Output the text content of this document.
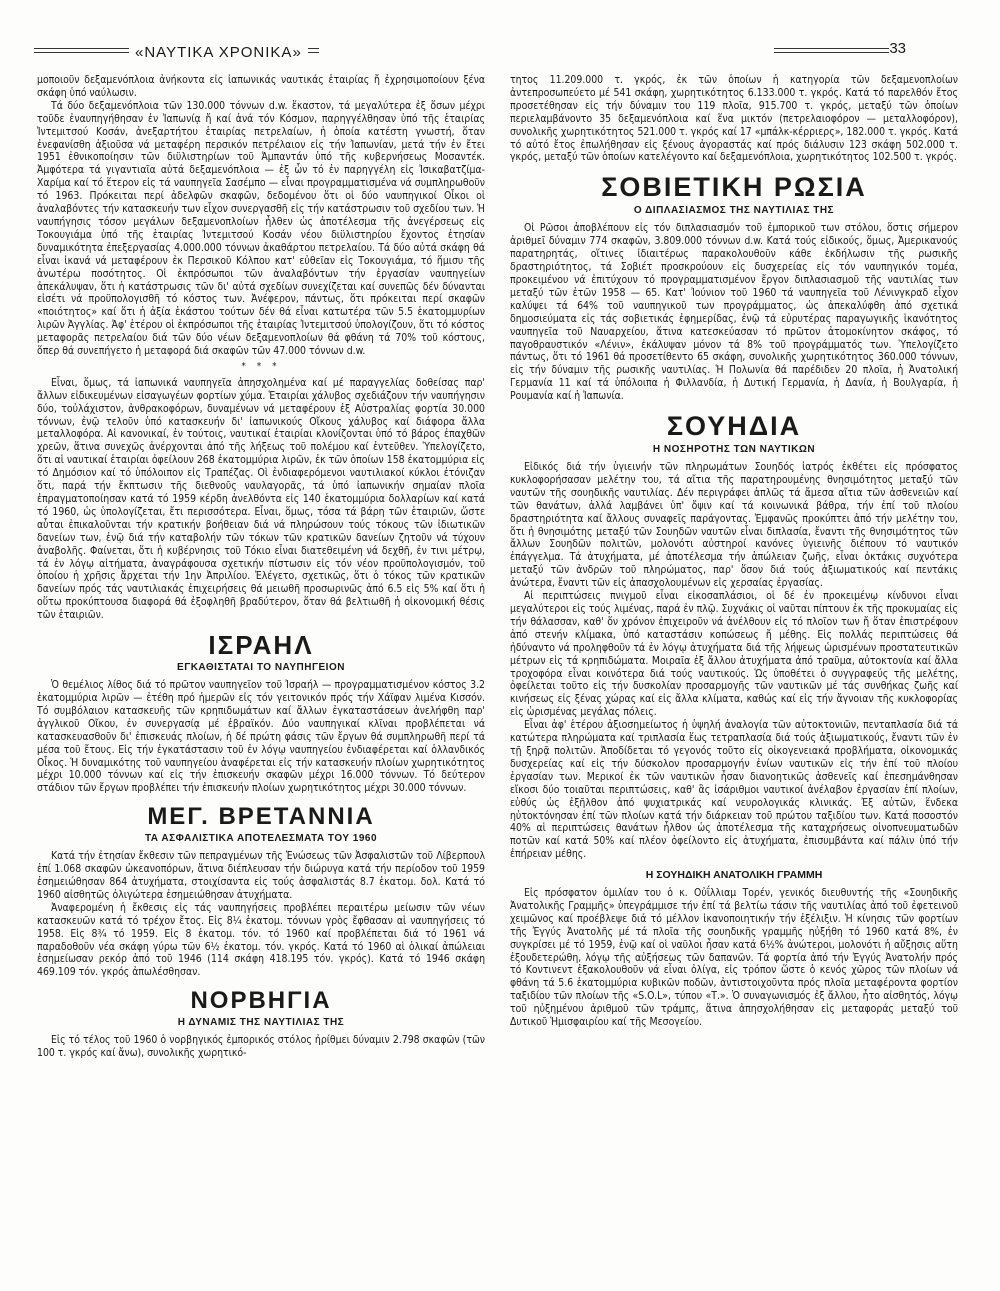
«ΝΑΥΤΙΚΑ ΧΡΟΝΙΚΑ»	33

μοποιοῦν δεξαμενόπλοια ἀνήκοντα εἰς ἰαπωνικάς ναυτικάς ἑταιρίας ἤ ἐχρησιμοποίουν ξένα σκάφη ὑπό ναύλωσιν.

Τά δύο δεξαμενόπλοια τῶν 130.000 τόννων d.w. ἕκαστον, τά μεγαλύτερα ἐξ ὅσων μέχρι τοῦδε ἐναυπηγήθησαν ἐν Ἰαπωνίᾳ ἤ καί ἀνά τόν Κόσμον, παρηγγέλθησαν ὑπό τῆς ἑταιρίας Ἰντεμιτσού Κοσάν, ἀνεξαρτήτου ἑταιρίας πετρελαίων, ἡ ὁποία κατέστη γνωστή, ὅταν ἐνεφανίσθη ἀξιοῦσα νά μεταφέρη περσικόν πετρέλαιον εἰς τήν Ἰαπωνίαν, μετά τήν ἐν ἔτει 1951 ἐθνικοποίησιν τῶν διϋλιστηρίων τοῦ Ἀμπαντάν ὑπό τῆς κυβερνήσεως Μοσαντέκ. Ἀμφότερα τά γιγαντιαῖα αὐτά δεξαμενόπλοια — ἐξ ὧν τό ἐν παρηγγέλη εἰς Ἰσικαβατζίμα-Χαρίμα καί τό ἕτερον εἰς τά ναυπηγεῖα Σασέμπο — εἶναι προγραμματισμένα νά συμπληρωθοῦν τό 1963. Πρόκειται περί ἀδελφῶν σκαφῶν, δεδομένου ὅτι οἱ δύο ναυπηγικοί Οἶκοι οἱ ἀναλαβόντες τήν κατασκευήν των εἶχον συνεργασθῆ εἰς τήν κατάστρωσιν τοῦ σχεδίου των. Ἡ ναυπήγησις τόσον μεγάλων δεξαμενοπλοίων ἦλθεν ὡς ἀποτέλεσμα τῆς ἀνεγέρσεως εἰς Τοκουγιάμα ὑπό τῆς ἑταιρίας Ἰντεμιτσού Κοσάν νέου διϋλιστηρίου ἔχοντος ἐτησίαν δυναμικότητα ἐπεξεργασίας 4.000.000 τόννων ἀκαθάρτου πετρελαίου. Τά δύο αὐτά σκάφη θά εἶναι ἱκανά νά μεταφέρουν ἐκ Περσικοῦ Κόλπου κατ' εὐθεῖαν εἰς Τοκουγιάμα, τό ἥμισυ τῆς ἀνωτέρω ποσότητος. Οἱ ἐκπρόσωποι τῶν ἀναλαβόντων τήν ἐργασίαν ναυπηγείων ἀπεκάλυψαν, ὅτι ἡ κατάστρωσις τῶν δι' αὐτά σχεδίων συνεχίζεται καί συνεπῶς δέν δύνανται εἰσέτι νά προϋπολογισθῆ τό κόστος των. Ἀνέφερον, πάντως, ὅτι πρόκειται περί σκαφῶν «ποιότητος» καί ὅτι ἡ ἀξία ἑκάστου τούτων δέν θά εἶναι κατωτέρα τῶν 5.5 ἑκατομμυρίων λιρῶν Ἀγγλίας. Ἀφ' ἑτέρου οἱ ἐκπρόσωποι τῆς ἑταιρίας Ἰντεμιτσού ὑπολογίζουν, ὅτι τό κόστος μεταφορᾶς πετρελαίου διά τῶν δύο νέων δεξαμενοπλοίων θά φθάνη τά 70% τοῦ κόστους, ὅπερ θά συνεπήγετο ἡ μεταφορά διά σκαφῶν τῶν 47.000 τόννων d.w.

* * *

Εἶναι, ὅμως, τά ἰαπωνικά ναυπηγεῖα ἀπησχολημένα καί μέ παραγγελίας δοθείσας παρ' ἄλλων εἰδικευμένων εἰσαγωγέων φορτίων χύμα. Ἑταιρίαι χάλυβος σχεδιάζουν τήν ναυπήγησιν δύο, τοὐλάχιστον, ἀνθρακοφόρων, δυναμένων νά μεταφέρουν ἐξ Αὐστραλίας φορτία 30.000 τόννων, ἐνῷ τελοῦν ὑπό κατασκευήν δι' ἰαπωνικούς Οἴκους χάλυβος καί διάφορα ἄλλα μεταλλοφόρα. Αἱ κανονικαί, ἐν τούτοις, ναυτικαί ἑταιρίαι κλονίζονται ὑπό τό βάρος ἐπαχθῶν χρεῶν, ἅτινα συνεχῶς ἀνέρχονται ἀπό τῆς λήξεως τοῦ πολέμου καί ἐντεῦθεν. Ὑπελογίζετο, ὅτι αἱ ναυτικαί ἑταιρίαι ὀφείλουν 268 ἑκατομμύρια λιρῶν, ἐκ τῶν ὁποίων 158 ἑκατομμύρια εἰς τό Δημόσιον καί τό ὑπόλοιπον εἰς Τραπέζας. Οἱ ἐνδιαφερόμενοι ναυτιλιακοί κύκλοι ἐτόνιζαν ὅτι, παρά τήν ἔκπτωσιν τῆς διεθνοῦς ναυλαγορᾶς, τά ὑπό ἰαπωνικήν σημαίαν πλοῖα ἐπραγματοποίησαν κατά τό 1959 κέρδη ἀνελθόντα εἰς 140 ἑκατομμύρια δολλαρίων καί κατά τό 1960, ὡς ὑπολογίζεται, ἔτι περισσότερα. Εἶναι, ὅμως, τόσα τά βάρη τῶν ἑταιριῶν, ὥστε αὗται ἐπικαλοῦνται τήν κρατικήν βοήθειαν διά νά πληρώσουν τούς τόκους τῶν ἰδιωτικῶν δανείων των, ἐνῷ διά τήν καταβολήν τῶν τόκων τῶν κρατικῶν δανείων ζητοῦν νά τύχουν ἀναβολῆς. Φαίνεται, ὅτι ἡ κυβέρνησις τοῦ Τόκιο εἶναι διατεθειμένη νά δεχθῆ, ἐν τινι μέτρῳ, τά ἐν λόγῳ αἰτήματα, ἀναγράφουσα σχετικήν πίστωσιν εἰς τόν νέον προϋπολογισμόν, τοῦ ὁποίου ἡ χρῆσις ἄρχεται τήν 1ην Ἀπριλίου. Ἐλέγετο, σχετικῶς, ὅτι ὁ τόκος τῶν κρατικῶν δανείων πρός τάς ναυτιλιακάς ἐπιχειρήσεις θά μειωθῆ προσωρινῶς ἀπό 6.5 εἰς 5% καί ὅτι ἡ οὕτω προκύπτουσα διαφορά θά ἐξοφληθῆ βραδύτερον, ὅταν θά βελτιωθῆ ἡ οἰκονομική θέσις τῶν ἑταιριῶν.

ΙΣΡΑΗΛ
ΕΓΚΑΘΙΣΤΑΤΑΙ ΤΟ ΝΑΥΠΗΓΕΙΟΝ

Ὁ θεμέλιος λίθος διά τό πρῶτον ναυπηγεῖον τοῦ Ἰσραήλ — προγραμματισμένον κόστος 3.2 ἑκατομμύρια λιρῶν — ἐτέθη πρό ἡμερῶν εἰς τόν γειτονικόν πρός τήν Χάϊφαν λιμένα Κισσόν. Τό συμβόλαιον κατασκευῆς τῶν κρηπιδωμάτων καί ἄλλων ἐγκαταστάσεων ἀνελήφθη παρ' ἀγγλικοῦ Οἴκου, ἐν συνεργασίᾳ μέ ἑβραϊκόν. Δύο ναυπηγικαί κλῖναι προβλέπεται νά κατασκευασθοῦν δι' ἐπισκευάς πλοίων, ἡ δέ πρώτη φάσις τῶν ἔργων θά συμπληρωθῆ περί τά μέσα τοῦ ἔτους. Εἰς τήν ἐγκατάστασιν τοῦ ἐν λόγῳ ναυπηγείου ἐνδιαφέρεται καί ὁλλανδικός Οἶκος. Ἡ δυναμικότης τοῦ ναυπηγείου ἀναφέρεται εἰς τήν κατασκευήν πλοίων χωρητικότητος μέχρι 10.000 τόννων καί εἰς τήν ἐπισκευήν σκαφῶν μέχρι 16.000 τόννων. Τό δεύτερον στάδιον τῶν ἔργων προβλέπει τήν ἐπισκευήν πλοίων χωρητικότητος μέχρι 30.000 τόννων.

ΜΕΓ. ΒΡΕΤΑΝΝΙΑ
ΤΑ ΑΣΦΑΛΙΣΤΙΚΑ ΑΠΟΤΕΛΕΣΜΑΤΑ ΤΟΥ 1960

Κατά τήν ἐτησίαν ἔκθεσιν τῶν πεπραγμένων τῆς Ἑνώσεως τῶν Ἀσφαλιστῶν τοῦ Λίβερπουλ ἐπί 1.068 σκαφῶν ὠκεανοπόρων, ἅτινα διέπλευσαν τήν διώρυγα κατά τήν περίοδον τοῦ 1959 ἐσημειώθησαν 864 ἀτυχήματα, στοιχίσαντα εἰς τούς ἀσφαλιστάς 8.7 ἑκατομ. δολ. Κατά τό 1960 αἰσθητῶς ὀλιγώτερα ἐσημειώθησαν ἀτυχήματα.

Ἀναφερομένη ἡ ἔκθεσις εἰς τάς ναυπηγήσεις προβλέπει περαιτέρω μείωσιν τῶν νέων κατασκευῶν κατά τό τρέχον ἔτος. Εἰς 8¼ ἑκατομ. τόννων γρὸς ἔφθασαν αἱ ναυπηγήσεις τό 1958. Εἰς 8¾ τό 1959. Εἰς 8 ἑκατομ. τόν. τό 1960 καί προβλέπεται διά τό 1961 νά παραδοθοῦν νέα σκάφη γύρω τῶν 6½ ἑκατομ. τόν. γκρός. Κατά τό 1960 αἱ ὁλικαί ἀπώλειαι ἐσημείωσαν ρεκόρ ἀπό τοῦ 1946 (114 σκάφη 418.195 τόν. γκρός). Κατά τό 1946 σκάφη 469.109 τόν. γκρός ἀπωλέσθησαν.

ΝΟΡΒΗΓΙΑ
Η ΔΥΝΑΜΙΣ ΤΗΣ ΝΑΥΤΙΛΙΑΣ ΤΗΣ

Εἰς τό τέλος τοῦ 1960 ὁ νορβηγικός ἐμπορικός στόλος ἠρίθμει δύναμιν 2.798 σκαφῶν (τῶν 100 τ. γκρός καί ἄνω), συνολικῆς χωρητικό-

τητος 11.209.000 τ. γκρός, ἐκ τῶν ὁποίων ἡ κατηγορία τῶν δεξαμενοπλοίων ἀντεπροσωπεύετο μέ 541 σκάφη, χωρητικότητος 6.133.000 τ. γκρός. Κατά τό παρελθόν ἔτος προσετέθησαν εἰς τήν δύναμιν του 119 πλοῖα, 915.700 τ. γκρός, μεταξύ τῶν ὁποίων περιελαμβάνοντο 35 δεξαμενόπλοια καί ἕνα μικτόν (πετρελαιοφόρον — μεταλλοφόρον), συνολικῆς χωρητικότητος 521.000 τ. γκρός καί 17 «μπάλκ-κέρριερς», 182.000 τ. γκρός. Κατά τό αὐτό ἔτος ἐπωλήθησαν εἰς ξένους ἀγοραστάς καί πρός διάλυσιν 123 σκάφη 502.000 τ. γκρός, μεταξύ τῶν ὁποίων κατελέγοντο καί δεξαμενόπλοια, χωρητικότητος 102.500 τ. γκρός.

ΣΟΒΙΕΤΙΚΗ ΡΩΣΙΑ
Ο ΔΙΠΛΑΣΙΑΣΜΟΣ ΤΗΣ ΝΑΥΤΙΛΙΑΣ ΤΗΣ

Οἱ Ρῶσοι ἀποβλέπουν εἰς τόν διπλασιασμόν τοῦ ἐμπορικοῦ των στόλου, ὅστις σήμερον ἀριθμεῖ δύναμιν 774 σκαφῶν, 3.809.000 τόννων d.w. Κατά τούς εἰδικούς, ὅμως, Ἀμερικανούς παρατηρητάς, οἵτινες ἰδιαιτέρως παρακολουθοῦν κάθε ἐκδήλωσιν τῆς ρωσικῆς δραστηριότητος, τά Σοβιέτ προσκρούουν εἰς δυσχερείας εἰς τόν ναυπηγικόν τομέα, προκειμένου νά ἐπιτύχουν τό προγραμματισμένον ἔργον διπλασιασμοῦ τῆς ναυτιλίας των μεταξύ τῶν ἐτῶν 1958 — 65. Κατ' Ἰούνιον τοῦ 1960 τά ναυπηγεῖα τοῦ Λένινγκραδ εἶχον καλύψει τά 64% τοῦ ναυπηγικοῦ των προγράμματος, ὡς ἀπεκαλύφθη ἀπό σχετικά δημοσιεύματα εἰς τάς σοβιετικάς ἐφημερίδας, ἐνῷ τά εὐρυτέρας παραγωγικῆς ἱκανότητος ναυπηγεῖα τοῦ Ναυαρχείου, ἅτινα κατεσκεύασαν τό πρῶτον ἀτομοκίνητον σκάφος, τό παγοθραυστικόν «Λένιν», ἐκάλυψαν μόνον τά 8% τοῦ προγράμματός των. Ὑπελογίζετο πάντως, ὅτι τό 1961 θά προσετίθεντο 65 σκάφη, συνολικῆς χωρητικότητος 360.000 τόννων, εἰς τήν δύναμιν τῆς ρωσικῆς ναυτιλίας. Ἡ Πολωνία θά παρέδιδεν 20 πλοῖα, ἡ Ἀνατολική Γερμανία 11 καί τά ὑπόλοιπα ἡ Φιλλανδία, ἡ Δυτική Γερμανία, ἡ Δανία, ἡ Βουλγαρία, ἡ Ρουμανία καί ἡ Ἰαπωνία.

ΣΟΥΗΔΙΑ
Η ΝΟΣΗΡΟΤΗΣ ΤΩΝ ΝΑΥΤΙΚΩΝ

Εἰδικός διά τήν ὑγιεινήν τῶν πληρωμάτων Σουηδός ἰατρός ἐκθέτει εἰς πρόσφατος κυκλοφορήσασαν μελέτην του, τά αἴτια τῆς παρατηρουμένης θνησιμότητος μεταξύ τῶν ναυτῶν τῆς σουηδικῆς ναυτιλίας. Δέν περιγράφει ἁπλῶς τά ἄμεσα αἴτια τῶν ἀσθενειῶν καί τῶν θανάτων, ἀλλά λαμβάνει ὑπ' ὄψιν καί τά κοινωνικά βάθρα, τήν ἐπί τοῦ πλοίου δραστηριότητα καί ἄλλους συναφεῖς παράγοντας. Ἐμφανῶς προκύπτει ἀπό τήν μελέτην του, ὅτι ἡ θνησιμότης μεταξύ τῶν Σουηδῶν ναυτῶν εἶναι διπλασία, ἔναντι τῆς θνησιμότητος τῶν ἄλλων Σουηδῶν πολιτῶν, μολονότι αὐστηροί κανόνες ὑγιεινῆς διέπουν τό ναυτικόν ἐπάγγελμα. Τά ἀτυχήματα, μέ ἀποτέλεσμα τήν ἀπώλειαν ζωῆς, εἶναι ὀκτάκις συχνότερα μεταξύ τῶν ἀνδρῶν τοῦ πληρώματος, παρ' ὅσον διά τούς ἀξιωματικούς καί πεντάκις ἀνώτερα, ἔναντι τῶν εἰς ἀπασχολουμένων εἰς χερσαίας ἐργασίας.

Αἱ περιπτώσεις πνιγμοῦ εἶναι εἰκοσαπλάσιοι, οἱ δέ ἐν προκειμένῳ κίνδυνοι εἶναι μεγαλύτεροι εἰς τούς λιμένας, παρά ἐν πλῷ. Συχνάκις οἱ ναῦται πίπτουν ἐκ τῆς προκυμαίας εἰς τήν θάλασσαν, καθ' ὅν χρόνον ἐπιχειροῦν νά ἀνέλθουν εἰς τό πλοῖον των ἤ ὅταν ἐπιστρέφουν ἀπό στενήν κλίμακα, ὑπό καταστάσιν κοπώσεως ἤ μέθης. Εἰς πολλάς περιπτώσεις θά ἠδύναντο νά προληφθοῦν τά ἐν λόγῳ ἀτυχήματα διά τῆς λήψεως ὡρισμένων προστατευτικῶν μέτρων εἰς τά κρηπιδώματα. Μοιραῖα ἐξ ἄλλου ἀτυχήματα ἀπό τραῦμα, αὐτοκτονία καί ἄλλα τροχοφόρα εἶναι κοινότερα διά τούς ναυτικούς. Ὡς ὑποθέτει ὁ συγγραφεύς τῆς μελέτης, ὀφείλεται τοῦτο εἰς τήν δυσκολίαν προσαρμογῆς τῶν ναυτικῶν μέ τάς συνθήκας ζωῆς καί κινήσεως εἰς ξένας χώρας καί εἰς ἄλλα κλίματα, καθώς καί εἰς τήν ἄγνοιαν τῆς κυκλοφορίας εἰς ὡρισμένας μεγάλας πόλεις.

Εἶναι ἀφ' ἑτέρου ἀξιοσημείωτος ἡ ὑψηλή ἀναλογία τῶν αὐτοκτονιῶν, πενταπλασία διά τά κατώτερα πληρώματα καί τριπλασία ἕως τετραπλασία διά τούς ἀξιωματικούς, ἔναντι τῶν ἐν τῇ ξηρᾷ πολιτῶν. Ἀποδίδεται τό γεγονός τοῦτο εἰς οἰκογενειακά προβλήματα, οἰκονομικάς δυσχερείας καί εἰς τήν δύσκολον προσαρμογήν ἐνίων ναυτικῶν εἰς τήν ἐπί τοῦ πλοίου ἐργασίαν των. Μερικοί ἐκ τῶν ναυτικῶν ἦσαν διανοητικῶς ἀσθενεῖς καί ἐπεσημάνθησαν εἴκοσι δύο τοιαῦται περιπτώσεις, καθ' ἃς ἰσάριθμοι ναυτικοί ἀνέλαβον ἐργασίαν ἐπί πλοίων, εὐθύς ὡς ἐξῆλθον ἀπό ψυχιατρικάς καί νευρολογικάς κλινικάς. Ἐξ αὐτῶν, ἕνδεκα ηὐτοκτόνησαν ἐπί τῶν πλοίων κατά τήν διάρκειαν τοῦ πρώτου ταξιδίου των. Κατά ποσοστόν 40% αἱ περιπτώσεις θανάτων ἦλθον ὡς ἀποτέλεσμα τῆς καταχρήσεως οἰνοπνευματωδῶν ποτῶν καί κατά 50% καί πλέον ὀφείλοντο εἰς ἀτυχήματα, ἐπισυμβάντα καί πάλιν ὑπό τήν ἐπήρειαν μέθης.

Η ΣΟΥΗΔΙΚΗ ΑΝΑΤΟΛΙΚΗ ΓΡΑΜΜΗ

Εἰς πρόσφατον ὁμιλίαν του ὁ κ. Οὐΐλλιαμ Τορέν, γενικός διευθυντής τῆς «Σουηδικῆς Ἀνατολικῆς Γραμμῆς» ὑπεγράμμισε τήν ἐπί τά βελτίω τάσιν τῆς ναυτιλίας ἀπό τοῦ ἐφετεινοῦ χειμῶνος καί προέβλεψε διά τό μέλλον ἱκανοποιητικήν τήν ἐξέλιξιν. Ἡ κίνησις τῶν φορτίων τῆς Ἐγγύς Ἀνατολῆς μέ τά πλοῖα τῆς σουηδικῆς γραμμῆς ηὐξήθη τό 1960 κατά 8%, ἐν συγκρίσει μέ τό 1959, ἐνῷ καί οἱ ναῦλοι ἦσαν κατά 6½% ἀνώτεροι, μολονότι ἡ αὔξησις αὕτη ἐξουδετερώθη, λόγῳ τῆς αὐξήσεως τῶν δαπανῶν. Τά φορτία ἀπό τήν Ἐγγύς Ἀνατολήν πρός τό Κοντινεντ ἐξακολουθοῦν νά εἶναι ὀλίγα, εἰς τρόπον ὥστε ὁ κενός χῶρος τῶν πλοίων νά φθάνη τά 5.6 ἑκατομμύρια κυβικῶν ποδῶν, ἀντιστοιχοῦντα πρός πλοῖα μεταφέροντα φορτίον ταξιδίου τῶν πλοίων τῆς «S.O.L», τύπου «Τ.». Ὁ συναγωνισμός ἐξ ἄλλου, ἦτο αἰσθητός, λόγῳ τοῦ ηὐξημένου ἀριθμοῦ τῶν τράμπς, ἅτινα ἀπησχολήθησαν εἰς μεταφοράς μεταξύ τοῦ Δυτικοῦ Ἡμισφαιρίου καί τῆς Μεσογείου.
